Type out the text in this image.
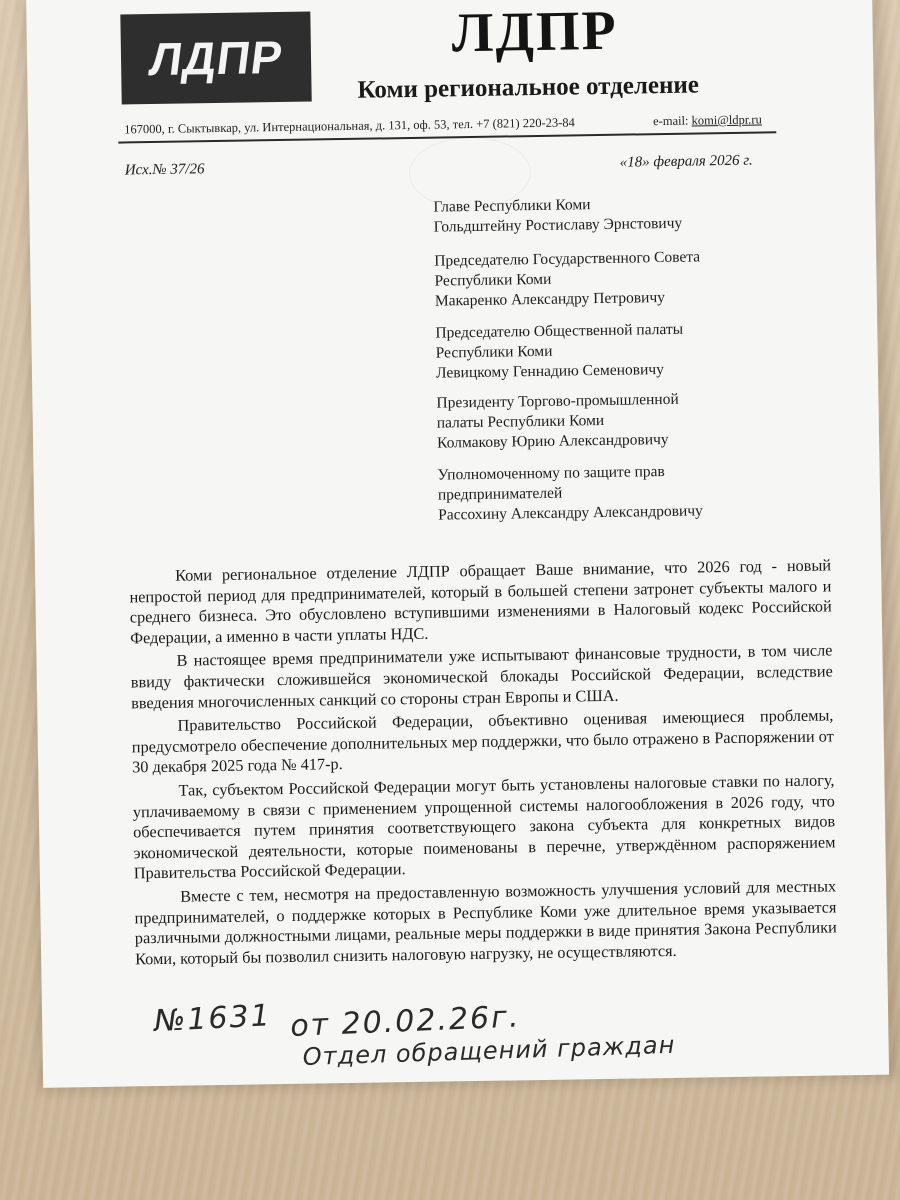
ЛДПР	ЛДПР
Коми региональное отделение
167000, г. Сыктывкар, ул. Интернациональная, д. 131, оф. 53, тел. +7 (821) 220-23-84	e-mail: komi@ldpr.ru
Исх.№ 37/26	«18» февраля 2026 г.
Главе Республики Коми
Гольдштейну Ростиславу Эрнстовичу
Председателю Государственного Совета
Республики Коми
Макаренко Александру Петровичу
Председателю Общественной палаты
Республики Коми
Левицкому Геннадию Семеновичу
Президенту Торгово-промышленной
палаты Республики Коми
Колмакову Юрию Александровичу
Уполномоченному по защите прав
предпринимателей
Рассохину Александру Александровичу

Коми региональное отделение ЛДПР обращает Ваше внимание, что 2026 год - новый непростой период для предпринимателей, который в большей степени затронет субъекты малого и среднего бизнеса. Это обусловлено вступившими изменениями в Налоговый кодекс Российской Федерации, а именно в части уплаты НДС.

В настоящее время предприниматели уже испытывают финансовые трудности, в том числе ввиду фактически сложившейся экономической блокады Российской Федерации, вследствие введения многочисленных санкций со стороны стран Европы и США.

Правительство Российской Федерации, объективно оценивая имеющиеся проблемы, предусмотрело обеспечение дополнительных мер поддержки, что было отражено в Распоряжении от 30 декабря 2025 года № 417-р.

Так, субъектом Российской Федерации могут быть установлены налоговые ставки по налогу, уплачиваемому в связи с применением упрощенной системы налогообложения в 2026 году, что обеспечивается путем принятия соответствующего закона субъекта для конкретных видов экономической деятельности, которые поименованы в перечне, утверждённом распоряжением Правительства Российской Федерации.

Вместе с тем, несмотря на предоставленную возможность улучшения условий для местных предпринимателей, о поддержке которых в Республике Коми уже длительное время указывается различными должностными лицами, реальные меры поддержки в виде принятия Закона Республики Коми, который бы позволил снизить налоговую нагрузку, не осуществляются.

№1631 от 20.02.26г.
Отдел обращений граждан
